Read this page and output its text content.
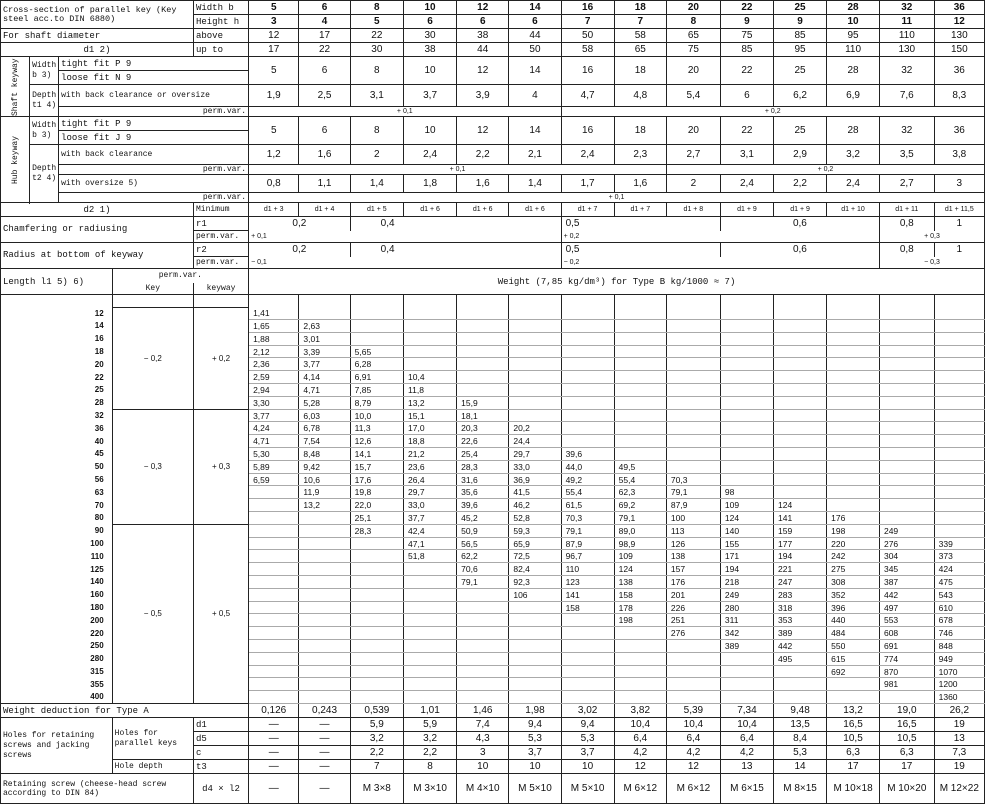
Cross-section of parallel key (Key steel acc.to DIN 6880)				Width b	5	6	8	10	12	14	16	18	20	22	25	28	32	36
				Height h	3	4	5	6	6	6	7	7	8	9	9	10	11	12
For shaft diameter				above	12	17	22	30	38	44	50	58	65	75	85	95	110	130
d1 2)				up to	17	22	30	38	44	50	58	65	75	85	95	110	130	150
Shaft keyway	Width b 3)	tight fit P 9			5	6	8	10	12	14	16	18	20	22	25	28	32	36
		loose fit N 9																
	Depth t1 4)	with back clearance or oversize			1,9	2,5	3,1	3,7	3,9	4	4,7	4,8	5,4	6	6,2	6,9	7,6	8,3

		perm.var.			+ 0,1						+ 0,2							
Hub keyway	Width b 3)	tight fit P 9			5	6	8	10	12	14	16	18	20	22	25	28	32	36
		loose fit J 9																
	Depth t2 4)	with back clearance			1,2	1,6	2	2,4	2,2	2,1	2,4	2,3	2,7	3,1	2,9	3,2	3,5	3,8
		perm.var.			+ 0,1								+ 0,2					
		with oversize 5)			0,8	1,1	1,4	1,8	1,6	1,4	1,7	1,6	2	2,4	2,2	2,4	2,7	3
		perm.var.			+ 0,1													

d2 1)				Minimum	d1 + 3	d1 + 4	d1 + 5	d1 + 6	d1 + 6	d1 + 6	d1 + 7	d1 + 7	d1 + 8	d1 + 9	d1 + 9	d1 + 10	d1 + 11	d1 + 11,5
Chamfering or radiusing				r1	0,2		0,4				0,5			0,6			0,8	1
				perm.var.	+ 0,1						+ 0,2						+ 0,3	
Radius at bottom of keyway				r2	0,2		0,4				0,5			0,6			0,8	1
				perm.var.	− 0,1						− 0,2						− 0,3	
Length l1 5) 6)			perm.var.		Weight (7,85 kg/dm³) for Type B kg/1000 ≈ 7)													
			Key	keyway														

12			− 0,2	+ 0,2	1,41													
14					1,65	2,63												
16					1,88	3,01												
18					2,12	3,39	5,65											
20					2,36	3,77	6,28											
22					2,59	4,14	6,91	10,4										
25					2,94	4,71	7,85	11,8										
28					3,30	5,28	8,79	13,2	15,9									
32			− 0,3	+ 0,3	3,77	6,03	10,0	15,1	18,1									
36					4,24	6,78	11,3	17,0	20,3	20,2								
40					4,71	7,54	12,6	18,8	22,6	24,4								
45					5,30	8,48	14,1	21,2	25,4	29,7	39,6							
50					5,89	9,42	15,7	23,6	28,3	33,0	44,0	49,5						
56					6,59	10,6	17,6	26,4	31,6	36,9	49,2	55,4	70,3					
63						11,9	19,8	29,7	35,6	41,5	55,4	62,3	79,1	98				
70						13,2	22,0	33,0	39,6	46,2	61,5	69,2	87,9	109	124			
80							25,1	37,7	45,2	52,8	70,3	79,1	100	124	141	176		
90			− 0,5	+ 0,5			28,3	42,4	50,9	59,3	79,1	89,0	113	140	159	198	249	
100								47,1	56,5	65,9	87,9	98,9	126	155	177	220	276	339
110								51,8	62,2	72,5	96,7	109	138	171	194	242	304	373
125									70,6	82,4	110	124	157	194	221	275	345	424
140									79,1	92,3	123	138	176	218	247	308	387	475
160										106	141	158	201	249	283	352	442	543
180											158	178	226	280	318	396	497	610
200												198	251	311	353	440	553	678
220													276	342	389	484	608	746
250														389	442	550	691	848
280															495	615	774	949
315																692	870	1070
355																	981	1200
400																		1360
Weight deduction for Type A					0,126	0,243	0,539	1,01	1,46	1,98	3,02	3,82	5,39	7,34	9,48	13,2	19,0	26,2
Holes for retaining screws and jacking screws			Holes for parallel keys	d1	—	—	5,9	5,9	7,4	9,4	9,4	10,4	10,4	10,4	13,5	16,5	16,5	19
				d5	—	—	3,2	3,2	4,3	5,3	5,3	6,4	6,4	6,4	8,4	10,5	10,5	13
				c	—	—	2,2	2,2	3	3,7	3,7	4,2	4,2	4,2	5,3	6,3	6,3	7,3
			Hole depth	t3	—	—	7	8	10	10	10	12	12	13	14	17	17	19
Retaining screw (cheese-head screw according to DIN 84)				d4 × l2	—	—	M 3×8	M 3×10	M 4×10	M 5×10	M 5×10	M 6×12	M 6×12	M 6×15	M 8×15	M 10×18	M 10×20	M 12×22
